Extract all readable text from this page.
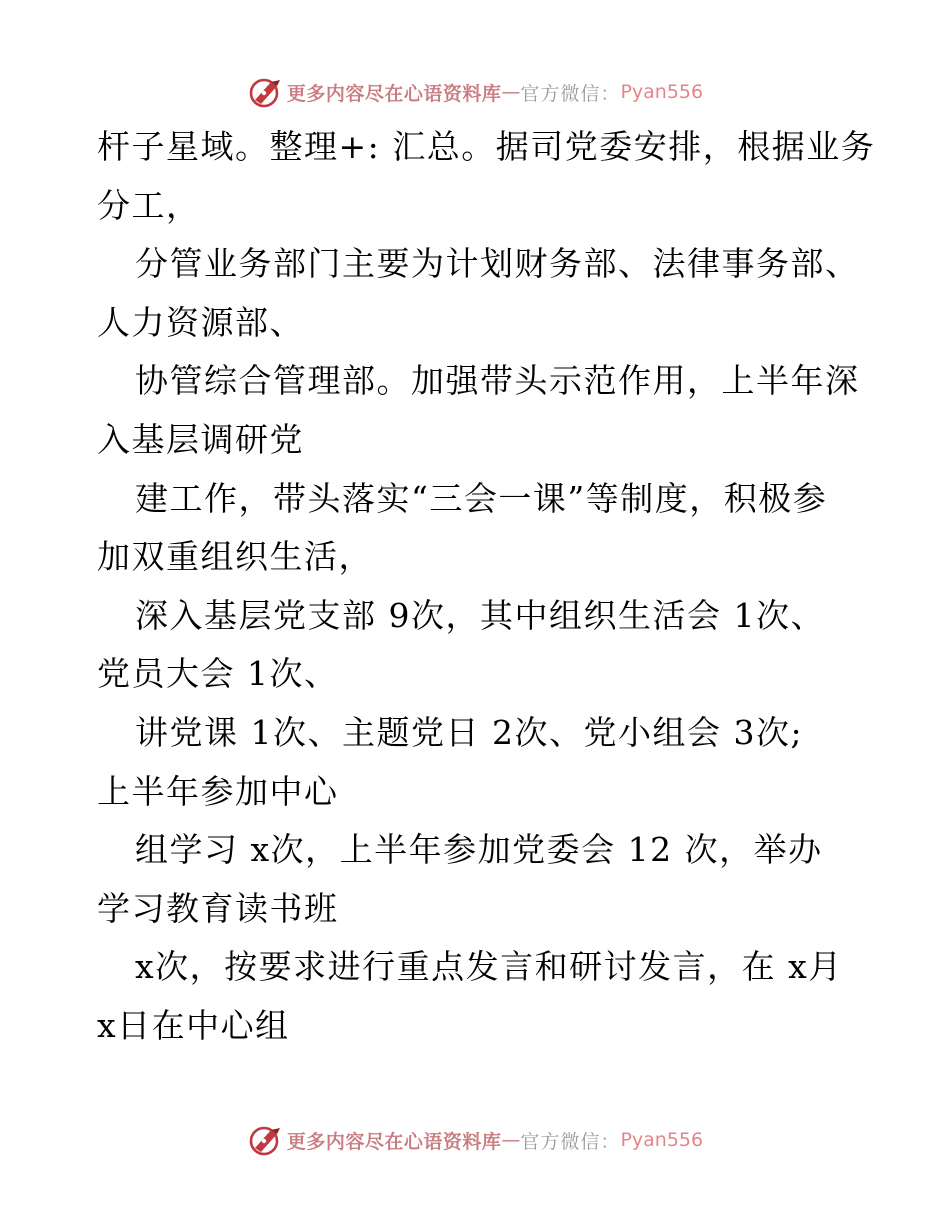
更多内容尽在心语资料库 — 官方微信： Pyan556
杆子星域。整理+: 汇总。据司党委安排，根据业务
分工，
分管业务部门主要为计划财务部、法律事务部、
人力资源部、
协管综合管理部。加强带头示范作用，上半年深
入基层调研党
建工作，带头落实“三会一课”等制度，积极参
加双重组织生活，
深入基层党支部 9次，其中组织生活会 1次、
党员大会 1次、
讲党课 1次、主题党日 2次、党小组会 3次;
上半年参加中心
组学习 x次，上半年参加党委会 12 次，举办
学习教育读书班
x次，按要求进行重点发言和研讨发言，在 x月
x日在中心组
更多内容尽在心语资料库 — 官方微信： Pyan556
